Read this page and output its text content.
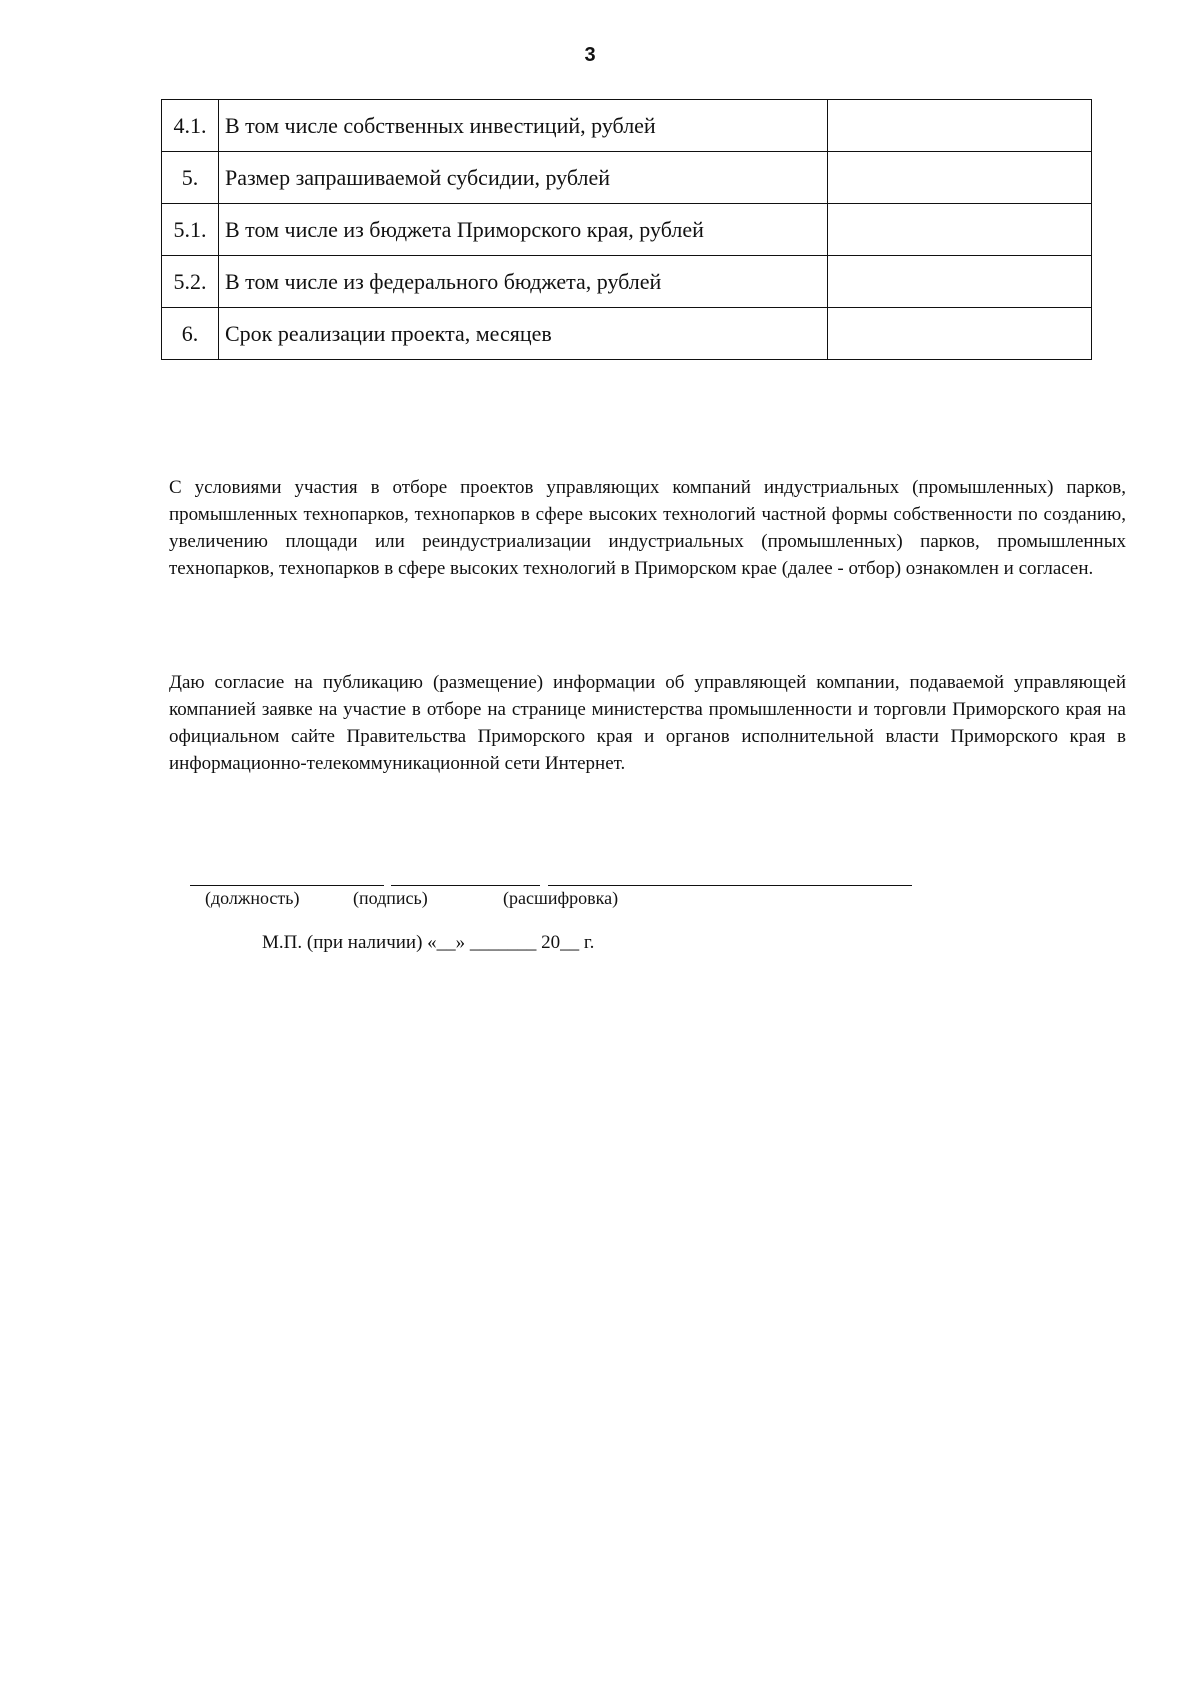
3
4.1.	В том числе собственных инвестиций, рублей	
5.	Размер запрашиваемой субсидии, рублей	
5.1.	В том числе из бюджета Приморского края, рублей	
5.2.	В том числе из федерального бюджета, рублей	
6.	Срок реализации проекта, месяцев	

С условиями участия в отборе проектов управляющих компаний индустриальных (промышленных) парков, промышленных технопарков, технопарков в сфере высоких технологий частной формы собственности по созданию, увеличению площади или реиндустриализации индустриальных (промышленных) парков, промышленных технопарков, технопарков в сфере высоких технологий в Приморском крае (далее - отбор) ознакомлен и согласен.

Даю согласие на публикацию (размещение) информации об управляющей компании, подаваемой управляющей компанией заявке на участие в отборе на странице министерства промышленности и торговли Приморского края на официальном сайте Правительства Приморского края и органов исполнительной власти Приморского края в информационно-телекоммуникационной сети Интернет.

(должность)	(подпись)	(расшифровка)
М.П. (при наличии) «__» _______ 20__ г.
